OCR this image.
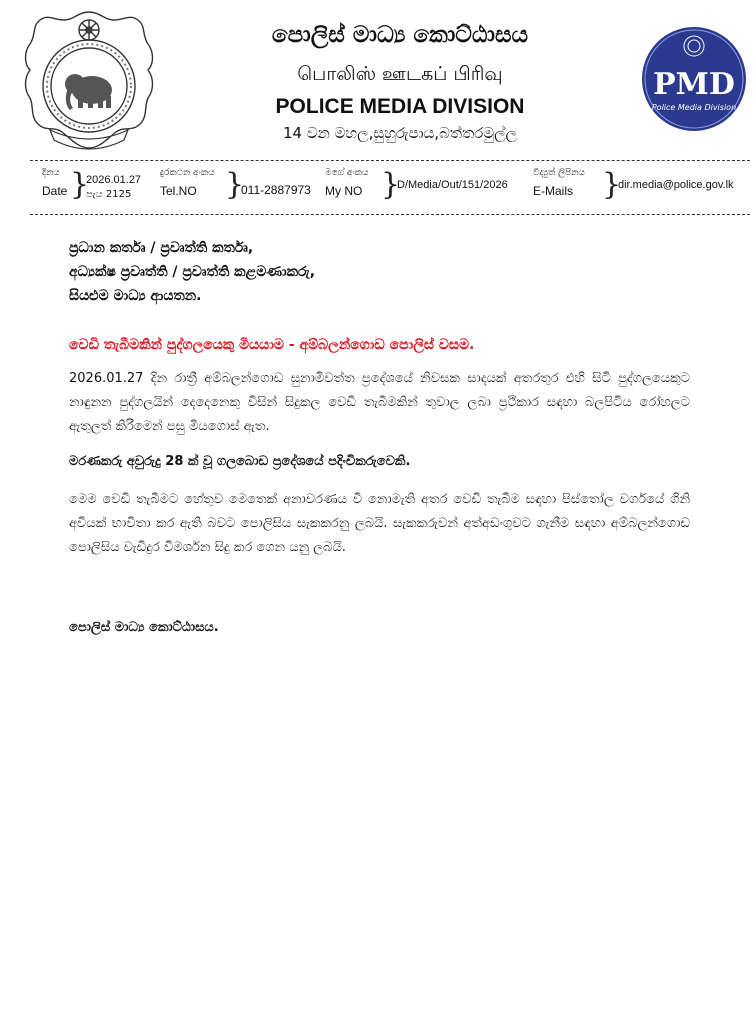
පොලිස් මාධ්‍ය කොට්ඨාසය
பொலிஸ் ஊடகப் பிரிவு
POLICE MEDIA DIVISION
14 වන මහල,සුහුරුපාය,බත්තරමුල්ල
PMD
Police Media Division
දිනය
Date }
2026.01.27
පැය 2125
දුරකථන අංකය
Tel.NO }
011-2887973
මගේ අංකය
My NO }
D/Media/Out/151/2026
විද්‍යුත් ලිපිනය
E-Mails }
dir.media@police.gov.lk
ප්‍රධාන කර්තෘ / ප්‍රවෘත්ති කර්තෘ,
අධ්‍යක්ෂ ප්‍රවෘත්ති / ප්‍රවෘත්ති කළමණාකරු,
සියළුම මාධ්‍ය ආයතන.
වෙඩි තැබීමකින් පුද්ගලයෙකු මියයාම - අම්බලන්ගොඩ පොලිස් වසම.

2026.01.27 දින රාත්‍රී අම්බලන්ගොඩ සුනාමිවත්ත ප්‍රදේශයේ නිවසක සාදයක් අතරතුර එහි සිටි පුද්ගලයෙකුට නාඳුනන පුද්ගලයින් දෙදෙනෙකු විසින් සිදුකල වෙඩි තැබීමකින් තුවාල ලබා ප්‍රථිකාර සඳහා බලපිටිය රෝහලට ඇතුලත් කිරීමෙන් පසු මියගොස් ඇත.

මරණකරු අවුරුදු 28 ක් වූ ගලබොඩ ප්‍රදේශයේ පදිංචිකරුවෙකි.

මෙම වෙඩි තැබීමට හේතුව මෙතෙක් අනාවරණය වී නොමැති අතර වෙඩි තැබීම සඳහා පිස්තෝල වර්ගයේ ගිනි අවියක් භාවිතා කර ඇති බවට පොලිසිය සැකකරනු ලබයි. සැකකරුවන් අත්අඩංගුවට ගැනීම සඳහා අම්බලන්ගොඩ පොලිසිය වැඩිදුර විමර්ශන සිදු කර ගෙන යනු ලබයි.

පොලිස් මාධ්‍ය කොට්ඨාසය.
